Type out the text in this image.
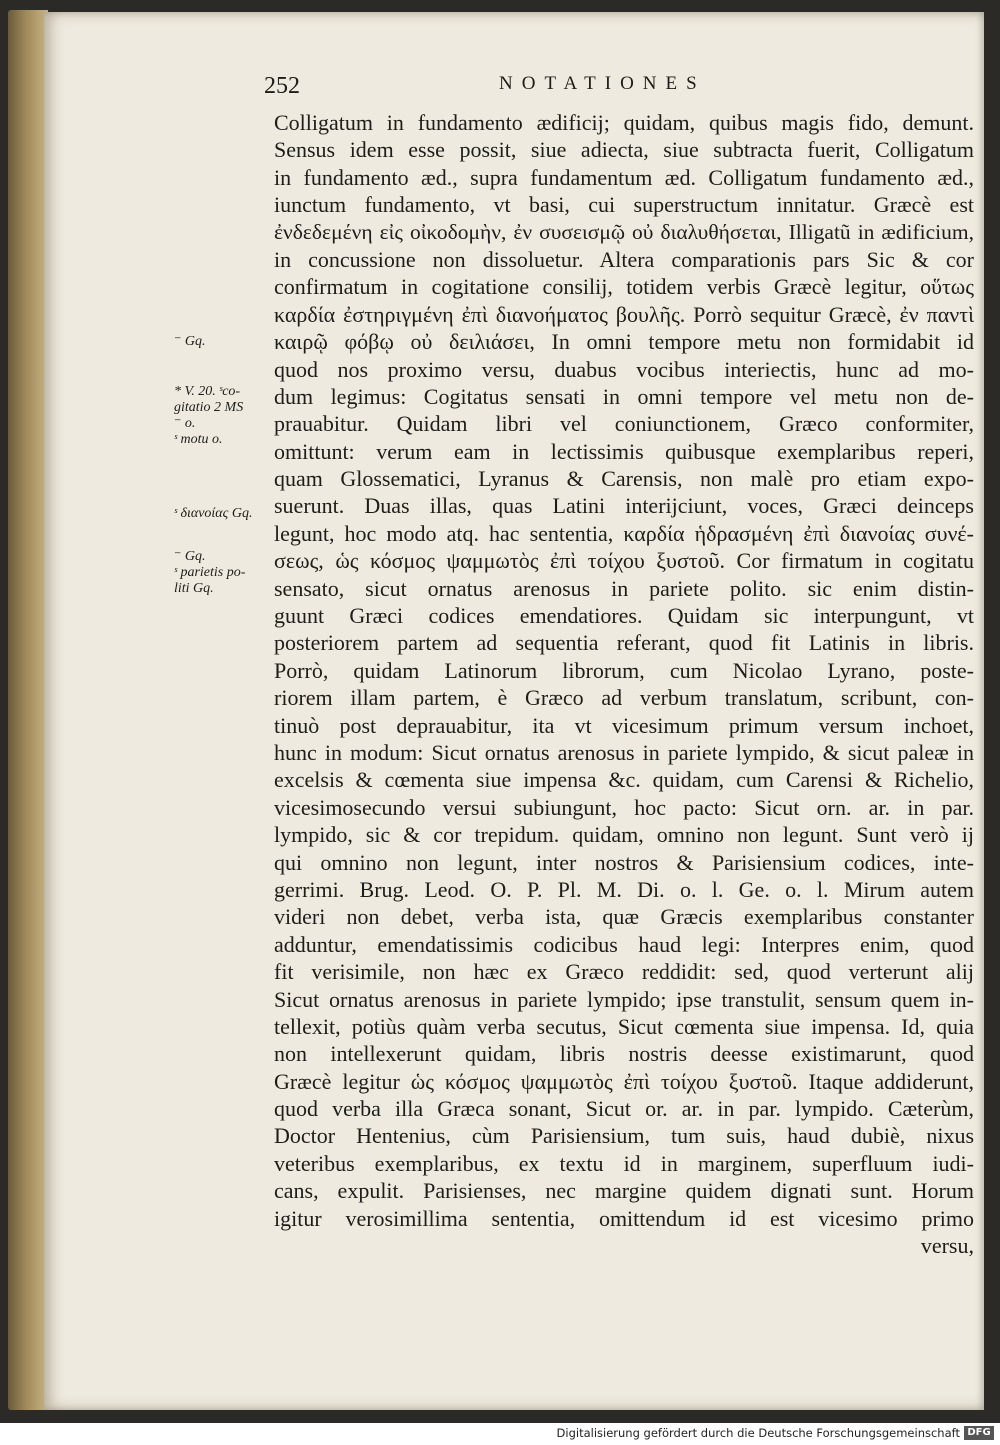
252	NOTATIONES
⁻ Gq.
* V. 20. ˢco-
gitatio 2 MS
⁻ o.
ˢ motu o.
ˢ διανοίας Gq.
⁻ Gq.
ˢ parietis po-
liti Gq.
Colligatum in fundamento ædificij; quidam, quibus magis fido, demunt.
Sensus idem esse possit, siue adiecta, siue subtracta fuerit, Colligatum
in fundamento æd., supra fundamentum æd. Colligatum fundamento æd.,
iunctum fundamento, vt basi, cui superstructum innitatur. Græcè est
ἐνδεδεμένη εἰς οἰκοδομὴν, ἐν συσεισμῷ οὐ διαλυθήσεται, Illigatũ in ædificium,
in concussione non dissoluetur. Altera comparationis pars Sic & cor
confirmatum in cogitatione consilij, totidem verbis Græcè legitur, οὕτως
καρδία ἐστηριγμένη ἐπὶ διανοήματος βουλῆς. Porrò sequitur Græcè, ἐν παντὶ
καιρῷ φόβῳ οὐ δειλιάσει, In omni tempore metu non formidabit id
quod nos proximo versu, duabus vocibus interiectis, hunc ad mo-
dum legimus: Cogitatus sensati in omni tempore vel metu non de-
prauabitur. Quidam libri vel coniunctionem, Græco conformiter,
omittunt: verum eam in lectissimis quibusque exemplaribus reperi,
quam Glossematici, Lyranus & Carensis, non malè pro etiam expo-
suerunt. Duas illas, quas Latini interijciunt, voces, Græci deinceps
legunt, hoc modo atq. hac sententia, καρδία ἡδρασμένη ἐπὶ διανοίας συνέ-
σεως, ὡς κόσμος ψαμμωτὸς ἐπὶ τοίχου ξυστοῦ. Cor firmatum in cogitatu
sensato, sicut ornatus arenosus in pariete polito. sic enim distin-
guunt Græci codices emendatiores. Quidam sic interpungunt, vt
posteriorem partem ad sequentia referant, quod fit Latinis in libris.
Porrò, quidam Latinorum librorum, cum Nicolao Lyrano, poste-
riorem illam partem, è Græco ad verbum translatum, scribunt, con-
tinuò post deprauabitur, ita vt vicesimum primum versum inchoet,
hunc in modum: Sicut ornatus arenosus in pariete lympido, & sicut paleæ in
excelsis & cœmenta siue impensa &c. quidam, cum Carensi & Richelio,
vicesimosecundo versui subiungunt, hoc pacto: Sicut orn. ar. in par.
lympido, sic & cor trepidum. quidam, omnino non legunt. Sunt verò ij
qui omnino non legunt, inter nostros & Parisiensium codices, inte-
gerrimi. Brug. Leod. O. P. Pl. M. Di. o. l. Ge. o. l. Mirum autem
videri non debet, verba ista, quæ Græcis exemplaribus constanter
adduntur, emendatissimis codicibus haud legi: Interpres enim, quod
fit verisimile, non hæc ex Græco reddidit: sed, quod verterunt alij
Sicut ornatus arenosus in pariete lympido; ipse transtulit, sensum quem in-
tellexit, potiùs quàm verba secutus, Sicut cœmenta siue impensa. Id, quia
non intellexerunt quidam, libris nostris deesse existimarunt, quod
Græcè legitur ὡς κόσμος ψαμμωτὸς ἐπὶ τοίχου ξυστοῦ. Itaque addiderunt,
quod verba illa Græca sonant, Sicut or. ar. in par. lympido. Cæterùm,
Doctor Hentenius, cùm Parisiensium, tum suis, haud dubiè, nixus
veteribus exemplaribus, ex textu id in marginem, superfluum iudi-
cans, expulit. Parisienses, nec margine quidem dignati sunt. Horum
igitur verosimillima sententia, omittendum id est vicesimo primo
versu,
Digitalisierung gefördert durch die Deutsche Forschungsgemeinschaft DFG
